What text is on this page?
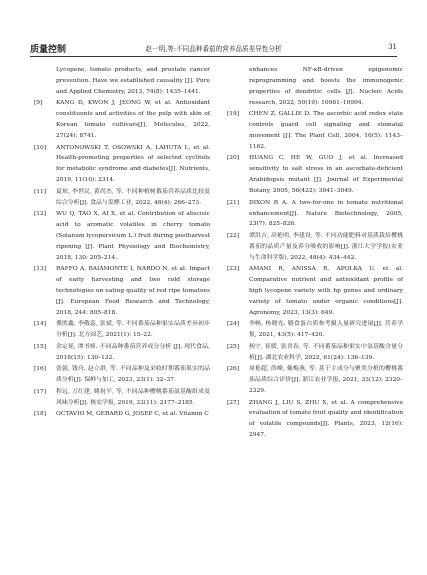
质量控制	赵一明,等:不同品种番茄的营养品质差异性分析	31
Lycopene, tomato products, and prostate cancer prevention. Have we established causality [J]. Pure and Applied Chemistry, 2013, 74(8): 1435–1441.
[9] KANG D, KWON J, JEONG W, et al. Antioxidant constituents and activities of the pulp with skin of Korean tomato cultivars[J]. Molecules, 2022, 27(24): 8741.
[10] ANTONOWSKI T, OSOWSKI A, LAHUTA L, et al. Health-promoting properties of selected cyclitols for metabolic syndrome and diabetes[J]. Nutrients, 2019, 11(10): 2314.
[11] 夏琼, 李世民, 黄尚杰, 等. 不同种植树番茄营养品质比较及综合分析[J]. 食品与发酵工业, 2022, 48(4): 266–273.
[12] WU Q, TAO X, AI X, et al. Contribution of abscisic acid to aromatic volatiles in cherry tomato (Solanum lycopersicum L.) fruit during postharvest ripening [J]. Plant Physiology and Biochemistry, 2018, 130: 205–214.
[13] RAFFO A, BAIAMONTE I, NARDO N, et al. Impact of early harvesting and two cold storage technologies on eating quality of red ripe tomatoes [J]. European Food Research and Technology, 2018, 244: 805–818.
[14] 冀胜鑫, 李敬蕊, 张斌, 等. 不同番茄品种果实品质差异初步分析[J]. 北方园艺, 2021(1): 15–22.
[15] 余定瑶, 谭书桢. 不同品种番茄营养成分分析 [J]. 现代食品, 2018(15): 130–132.
[16] 张强, 钱舟, 赵立群, 等. 不同品种及采收时期番茄果实的品质分析[J]. 保鲜与加工, 2023, 23(1): 32–37.
[17] 程远, 万红建, 姚祝平, 等. 不同品种樱桃番茄氨基酸组成及风味分析[J]. 核农学报, 2019, 33(11): 2177–2185.
[18] OCTAVIO M, GERARD G, JOSEP C, et al. Vitamin C
enhances NF-κB-driven epigenomic reprogramming and boosts the immunogenic properties of dendritic cells [J]. Nucleic Acids research, 2022, 50(19): 10981–10994.
[19] CHEN Z, GALLIE D. The ascorbic acid redox state controls guard cell signaling and stomatal movement [J]. The Plant Cell, 2004, 16(5): 1143–1162.
[20] HUANG C, HE W, GUO J, et al. Increased sensitivity to salt stress in an ascorbate-deficient Arabidopsis mutant [J]. Journal of Experimental Botany, 2005, 56(422): 3041–3049.
[21] DIXON R A. A two-for-one in tomato nutritional enhancement[J]. Nature Biotechnology, 2005, 23(7): 825–826.
[22] 谭洪吉, 高艳明, 李建设, 等. 不同功能肥料对基质栽培樱桃番茄的品质产量及养分吸收的影响[J]. 浙江大学学报(农业与生命科学版), 2022, 48(4): 434–442.
[23] AMANI R, ANISSA R, APOLKA U, et al. Comparative nutrient and antioxidant profile of high lycopene variety with hp genes and ordinary variety of tomato under organic conditions[J]. Agronomy, 2023, 13(3): 649.
[24] 李畅, 杨晓光. 膳食蛋白质参考摄入量研究进展[J]. 营养学报, 2021, 43(5): 417–420.
[25] 杨宇, 崔暖, 张喜春, 等. 不同番茄品种果实中氨基酸含量分析[J]. 湖北农业科学, 2022, 61(24): 136–139.
[26] 周艳超, 薛峰, 戴梅燕, 等. 基于主成分与聚类分析的樱桃番茄品质综合评价[J]. 浙江农业学报, 2021, 33(12): 2320–2329.
[27] ZHANG J, LIU S, ZHU X, et al. A comprehensive evaluation of tomato fruit quality and identification of volatile compounds[J]. Plants, 2023, 12(16): 2947.
